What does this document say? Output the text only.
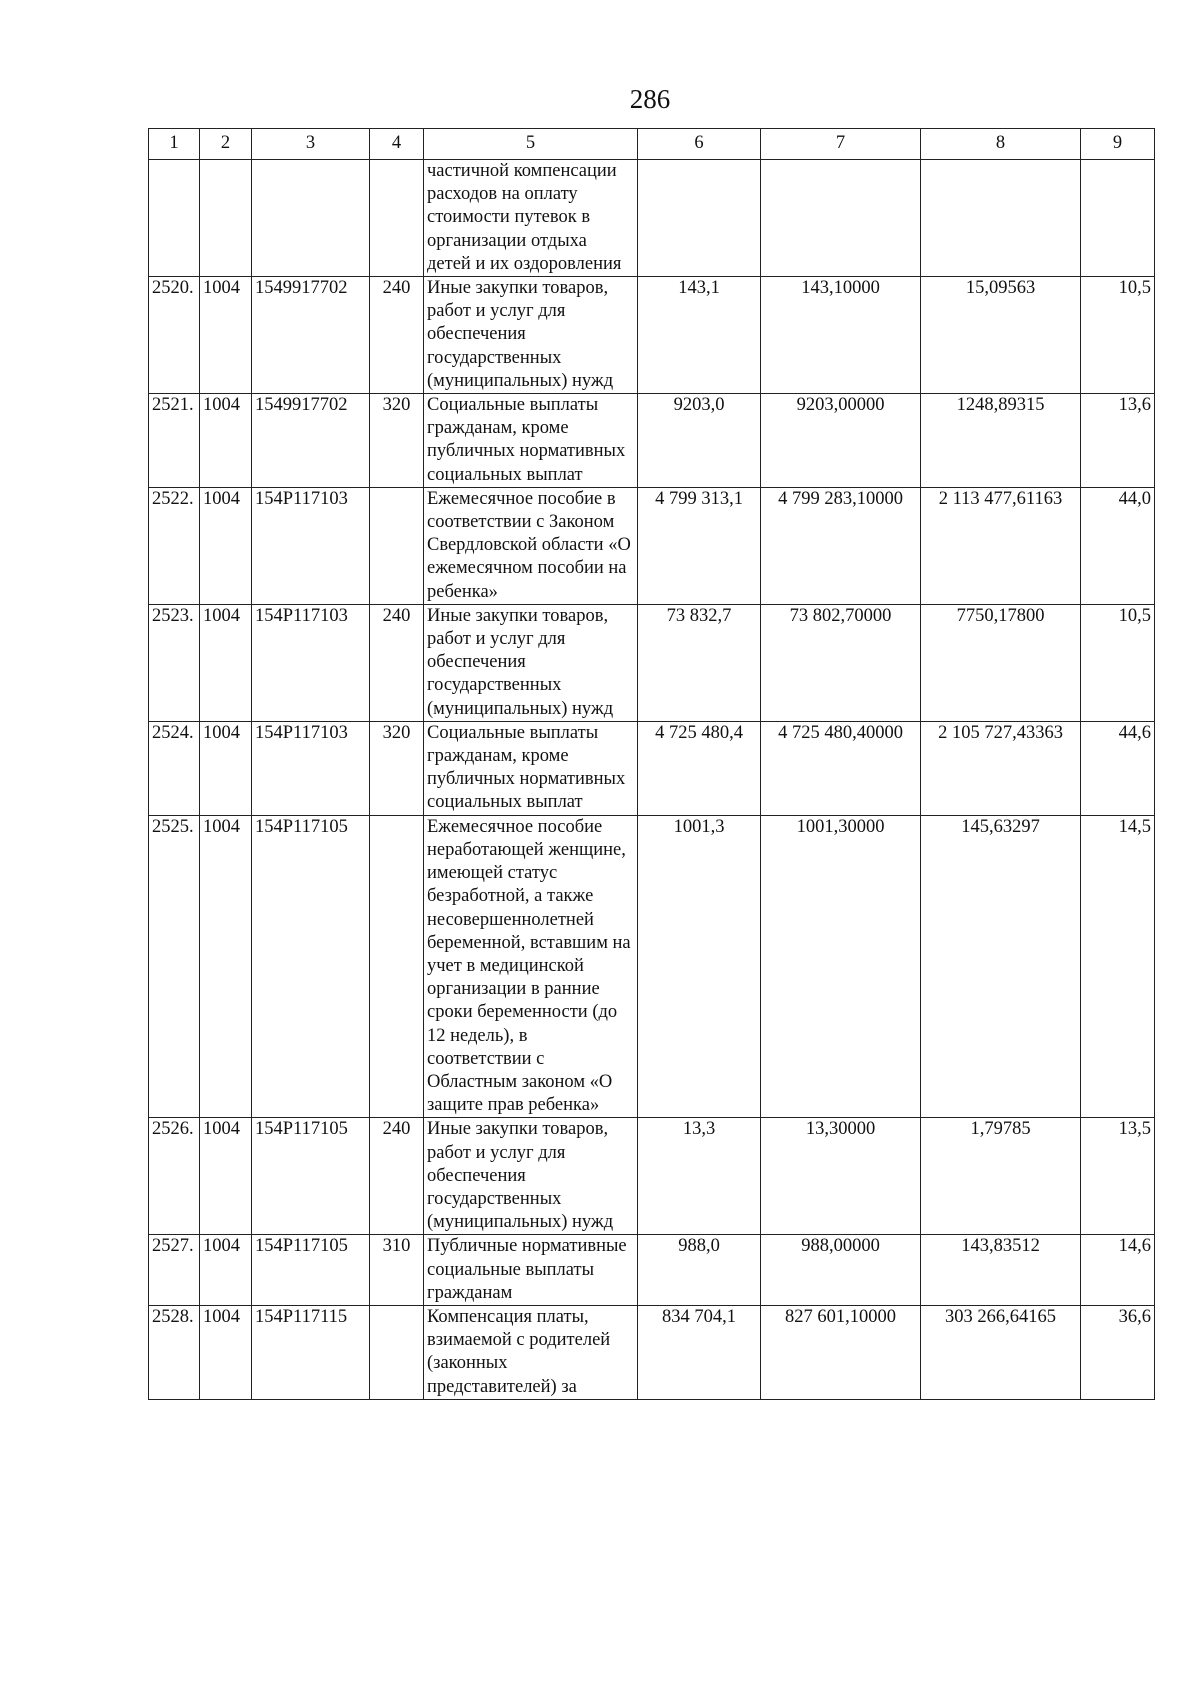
286
1	2	3	4	5	6	7	8	9
				частичной компенсации расходов на оплату стоимости путевок в организации отдыха детей и их оздоровления				
2520.	1004	1549917702	240	Иные закупки товаров, работ и услуг для обеспечения государственных (муниципальных) нужд	143,1	143,10000	15,09563	10,5
2521.	1004	1549917702	320	Социальные выплаты гражданам, кроме публичных нормативных социальных выплат	9203,0	9203,00000	1248,89315	13,6
2522.	1004	154P117103		Ежемесячное пособие в соответствии с Законом Свердловской области «О ежемесячном пособии на ребенка»	4 799 313,1	4 799 283,10000	2 113 477,61163	44,0
2523.	1004	154P117103	240	Иные закупки товаров, работ и услуг для обеспечения государственных (муниципальных) нужд	73 832,7	73 802,70000	7750,17800	10,5
2524.	1004	154P117103	320	Социальные выплаты гражданам, кроме публичных нормативных социальных выплат	4 725 480,4	4 725 480,40000	2 105 727,43363	44,6
2525.	1004	154P117105		Ежемесячное пособие неработающей женщине, имеющей статус безработной, а также несовершеннолетней беременной, вставшим на учет в медицинской организации в ранние сроки беременности (до 12 недель), в соответствии с Областным законом «О защите прав ребенка»	1001,3	1001,30000	145,63297	14,5
2526.	1004	154P117105	240	Иные закупки товаров, работ и услуг для обеспечения государственных (муниципальных) нужд	13,3	13,30000	1,79785	13,5
2527.	1004	154P117105	310	Публичные нормативные социальные выплаты гражданам	988,0	988,00000	143,83512	14,6
2528.	1004	154P117115		Компенсация платы, взимаемой с родителей (законных представителей) за	834 704,1	827 601,10000	303 266,64165	36,6
